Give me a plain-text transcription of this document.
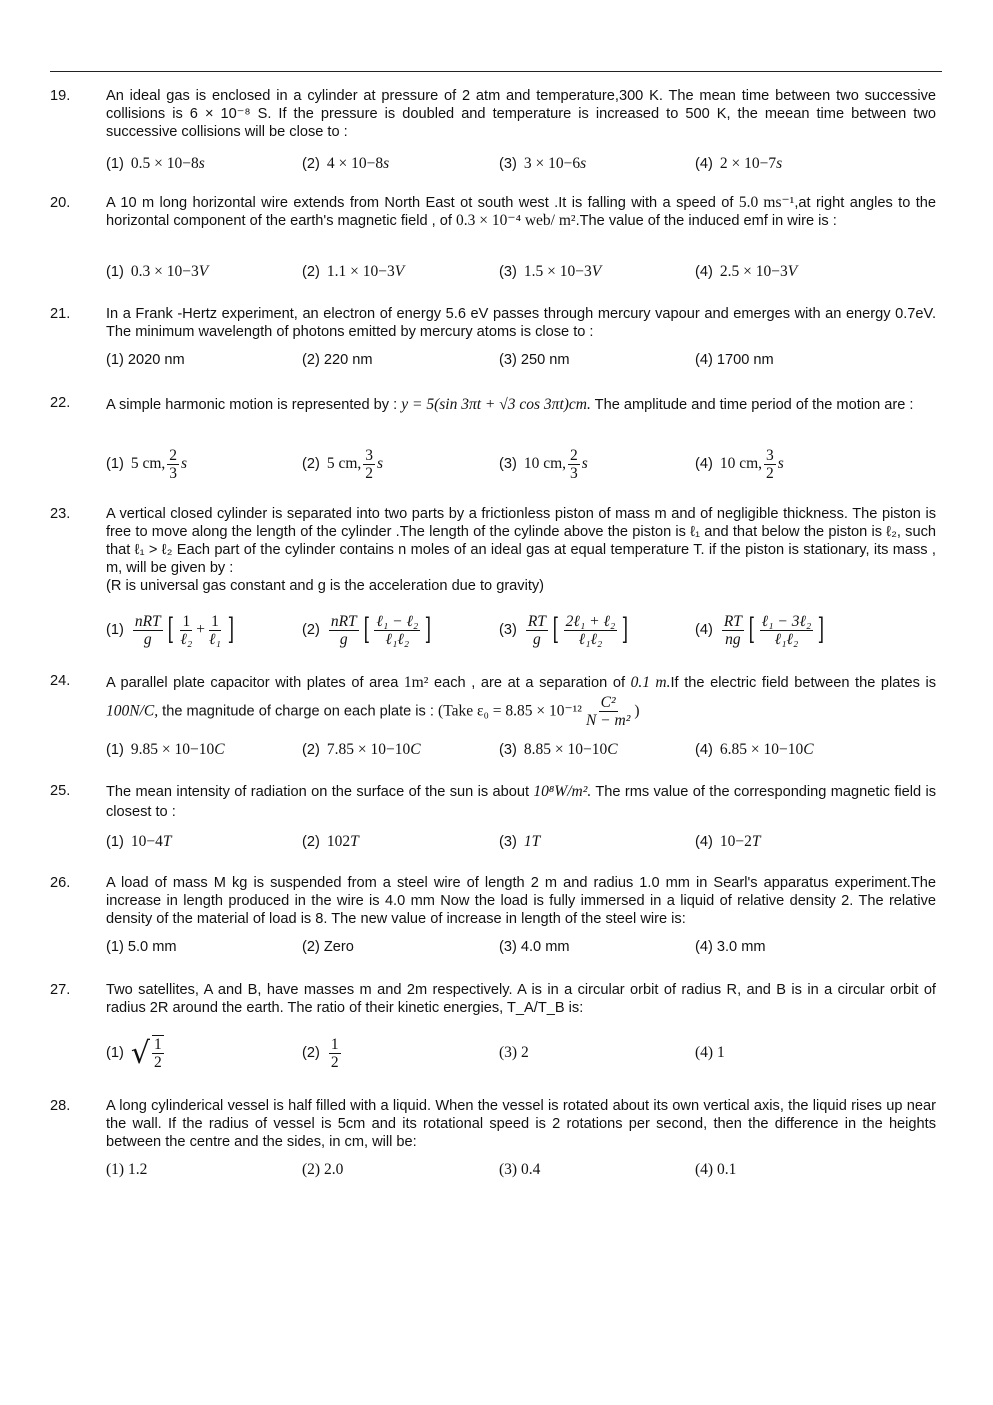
19.	An ideal gas is enclosed in a cylinder at pressure of 2 atm and temperature,300 K. The mean time between two successive collisions is 6 × 10⁻⁸ S. If the pressure is doubled and temperature is increased to 500 K, the meean time between two successive collisions will be close to :
(1) 0.5 × 10 −8 s	(2) 4 × 10 −8 s	(3) 3 × 10 −6 s	(4) 2 × 10 −7 s
20.	A 10 m long horizontal wire extends from North East ot south west .It is falling with a speed of 5.0 ms⁻¹,at right angles to the horizontal component of the earth's magnetic field , of 0.3 × 10⁻⁴ web/ m².The value of the induced emf in wire is :
(1) 0.3 × 10 −3 V	(2) 1.1 × 10 −3 V	(3) 1.5 × 10 −3 V	(4) 2.5 × 10 −3 V
21.	In a Frank -Hertz experiment, an electron of energy 5.6 eV passes through mercury vapour and emerges with an energy 0.7eV. The minimum wavelength of photons emitted by mercury atoms is close to :
(1) 2020 nm	(2) 220 nm	(3) 250 nm	(4) 1700 nm
22.	A simple harmonic motion is represented by : y = 5(sin 3πt + √3 cos 3πt)cm. The amplitude and time period of the motion are :
(1) 5 cm, $\frac{2}{3}$ s	(2) 5 cm, $\frac{3}{2}$ s	(3) 10 cm, $\frac{2}{3}$ s	(4) 10 cm, $\frac{3}{2}$ s
23.	A vertical closed cylinder is separated into two parts by a frictionless piston of mass m and of negligible thickness. The piston is free to move along the length of the cylinder .The length of the cylinde above the piston is ℓ₁ and that below the piston is ℓ₂, such that ℓ₁ > ℓ₂ Each part of the cylinder contains n moles of an ideal gas at equal temperature T. if the piston is stationary, its mass , m, will be given by :
(R is universal gas constant and g is the acceleration due to gravity)
$(1) \frac{\text{nRT}}{g}$ [ $\frac{1}{\text{ℓ₂}} + \frac{1}{\text{ℓ₁}}$ ]	$(2) \frac{\text{nRT}}{g}$ [ $\frac{\text{ℓ₁ − ℓ₂}}{\text{ℓ₁ℓ₂}}$ ]	$(3) \frac{RT}{g}$ [ $\frac{\text{2ℓ₁ + ℓ₂}}{\text{ℓ₁ℓ₂}}$ ]	$(4) \frac{RT}{ng}$ [ $\frac{\text{ℓ₁ − 3ℓ₂}}{\text{ℓ₁ℓ₂}}$ ]
24.	A parallel plate capacitor with plates of area 1m² each , are at a separation of 0.1 m.If the electric field between the plates is 100N/C, the magnitude of charge on each plate is : (Take $\varepsilon_0 = 8.85 \times 10^{-12} \frac{\text{C²}}{\text{N − m²}}$ )
(1) 9.85 × 10 −10 C	(2) 7.85 × 10 −10 C	(3) 8.85 × 10 −10 C	(4) 6.85 × 10 −10 C
25.	The mean intensity of radiation on the surface of the sun is about 10⁸W/m². The rms value of the corresponding magnetic field is closest to :
(1) 10 −4 T	(2) 10 2 T	(3) 1T	(4) 10 −2 T
26.	A load of mass M kg is suspended from a steel wire of length 2 m and radius 1.0 mm in Searl's apparatus experiment.The increase in length produced in the wire is 4.0 mm Now the load is fully immersed in a liquid of relative density 2. The relative density of the material of load is 8. The new value of increase in length of the steel wire is:
(1) 5.0 mm	(2) Zero	(3) 4.0 mm	(4) 3.0 mm
27.	Two satellites, A and B, have masses m and 2m respectively. A is in a circular orbit of radius R, and B is in a circular orbit of radius 2R around the earth. The ratio of their kinetic energies, T_A/T_B is:
(1) √ $\frac{1}{2}$	$(2) \frac{1}{2}$	(3) 2	(4) 1
28.	A long cylinderical vessel is half filled with a liquid. When the vessel is rotated about its own vertical axis, the liquid rises up near the wall. If the radius of vessel is 5cm and its rotational speed is 2 rotations per second, then the difference in the heights between the centre and the sides, in cm, will be:
(1) 1.2	(2) 2.0	(3) 0.4	(4) 0.1
